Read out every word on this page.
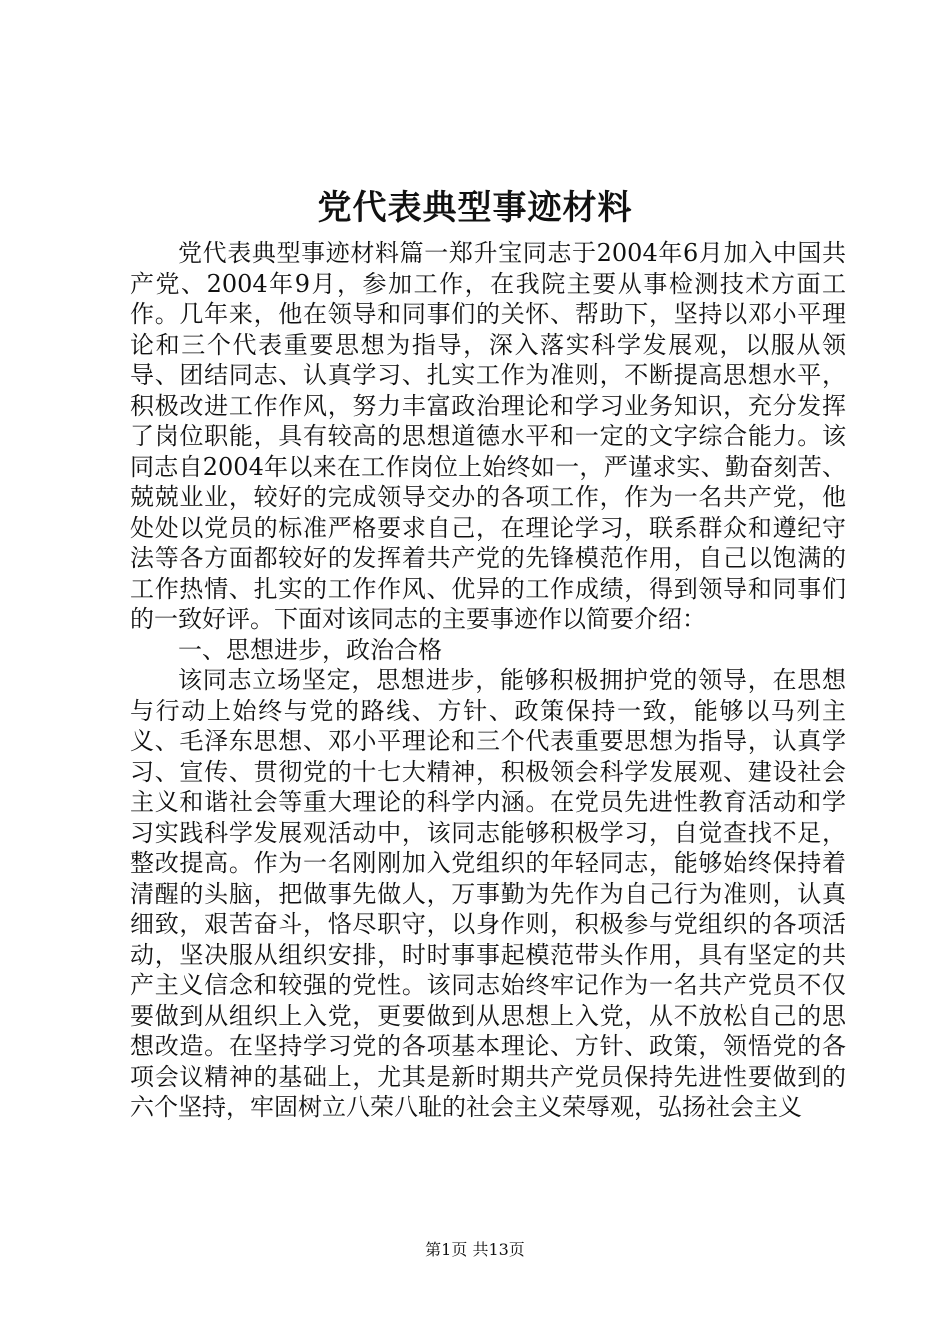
党代表典型事迹材料

党代表典型事迹材料篇一郑升宝同志于2004年6月加入中国共产党、2004年9月，参加工作，在我院主要从事检测技术方面工作。几年来，他在领导和同事们的关怀、帮助下，坚持以邓小平理论和三个代表重要思想为指导，深入落实科学发展观，以服从领导、团结同志、认真学习、扎实工作为准则，不断提高思想水平，积极改进工作作风，努力丰富政治理论和学习业务知识，充分发挥了岗位职能，具有较高的思想道德水平和一定的文字综合能力。该同志自2004年以来在工作岗位上始终如一，严谨求实、勤奋刻苦、兢兢业业，较好的完成领导交办的各项工作，作为一名共产党，他处处以党员的标准严格要求自己，在理论学习，联系群众和遵纪守法等各方面都较好的发挥着共产党的先锋模范作用，自己以饱满的工作热情、扎实的工作作风、优异的工作成绩，得到领导和同事们的一致好评。下面对该同志的主要事迹作以简要介绍：

一、思想进步，政治合格

该同志立场坚定，思想进步，能够积极拥护党的领导，在思想与行动上始终与党的路线、方针、政策保持一致，能够以马列主义、毛泽东思想、邓小平理论和三个代表重要思想为指导，认真学习、宣传、贯彻党的十七大精神，积极领会科学发展观、建设社会主义和谐社会等重大理论的科学内涵。在党员先进性教育活动和学习实践科学发展观活动中，该同志能够积极学习，自觉查找不足，整改提高。作为一名刚刚加入党组织的年轻同志，能够始终保持着清醒的头脑，把做事先做人，万事勤为先作为自己行为准则，认真细致，艰苦奋斗，恪尽职守，以身作则，积极参与党组织的各项活动，坚决服从组织安排，时时事事起模范带头作用，具有坚定的共产主义信念和较强的党性。该同志始终牢记作为一名共产党员不仅要做到从组织上入党，更要做到从思想上入党，从不放松自己的思想改造。在坚持学习党的各项基本理论、方针、政策，领悟党的各项会议精神的基础上，尤其是新时期共产党员保持先进性要做到的六个坚持，牢固树立八荣八耻的社会主义荣辱观，弘扬社会主义

第1页 共13页
